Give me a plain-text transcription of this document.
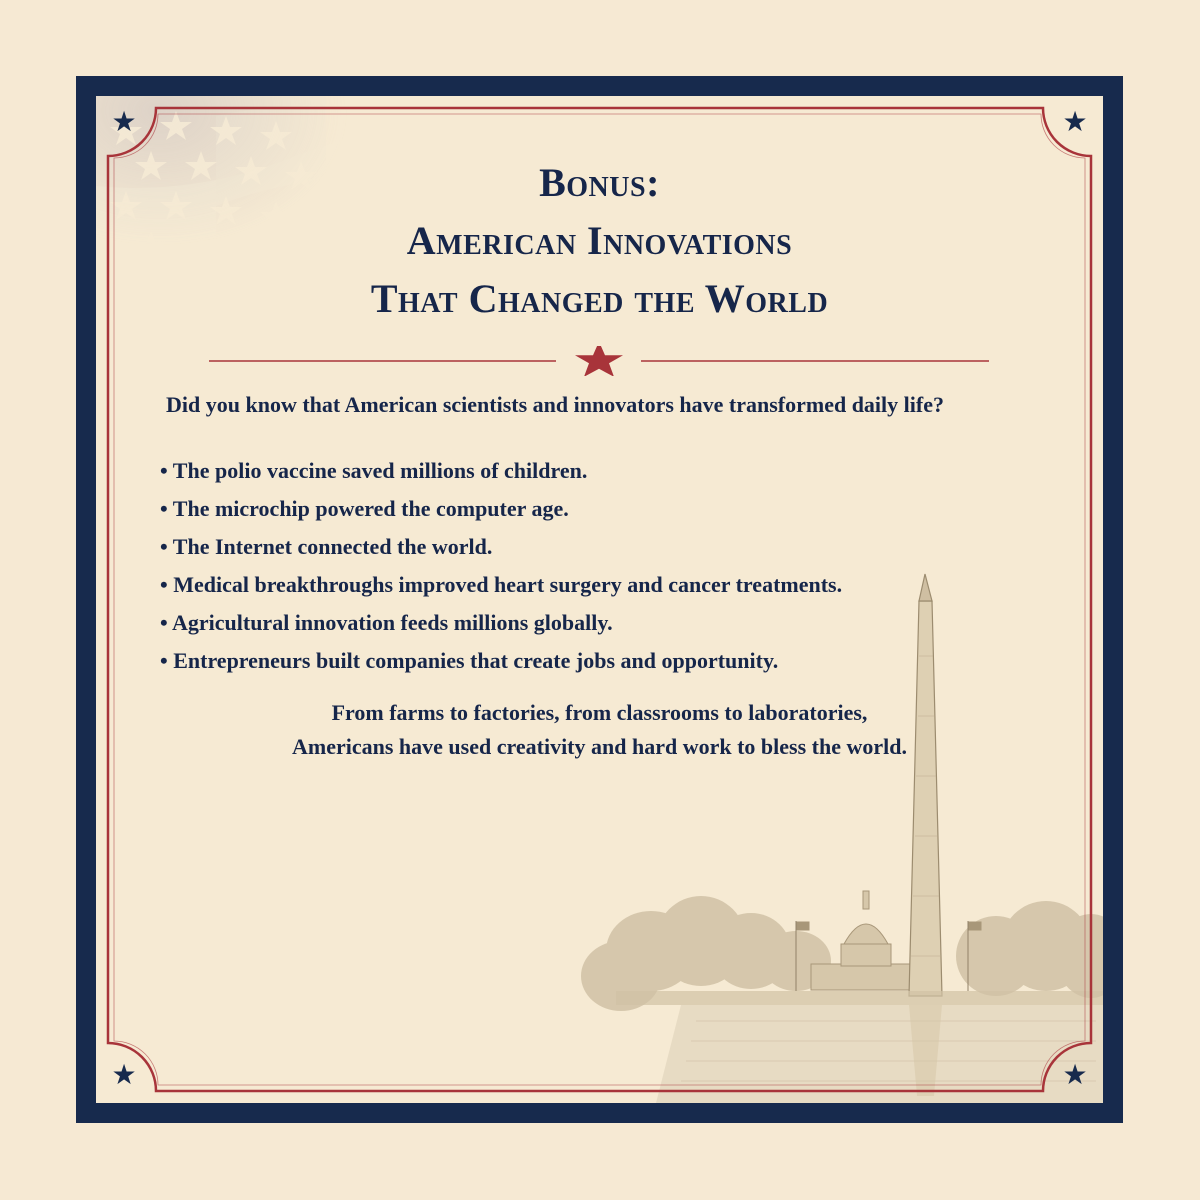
★	★
★	★
Bonus:
American Innovations
That Changed the World
Did you know that American scientists and innovators have transformed daily life?
• The polio vaccine saved millions of children.
• The microchip powered the computer age.
• The Internet connected the world.
• Medical breakthroughs improved heart surgery and cancer treatments.
• Agricultural innovation feeds millions globally.
• Entrepreneurs built companies that create jobs and opportunity.
From farms to factories, from classrooms to laboratories,
Americans have used creativity and hard work to bless the world.
